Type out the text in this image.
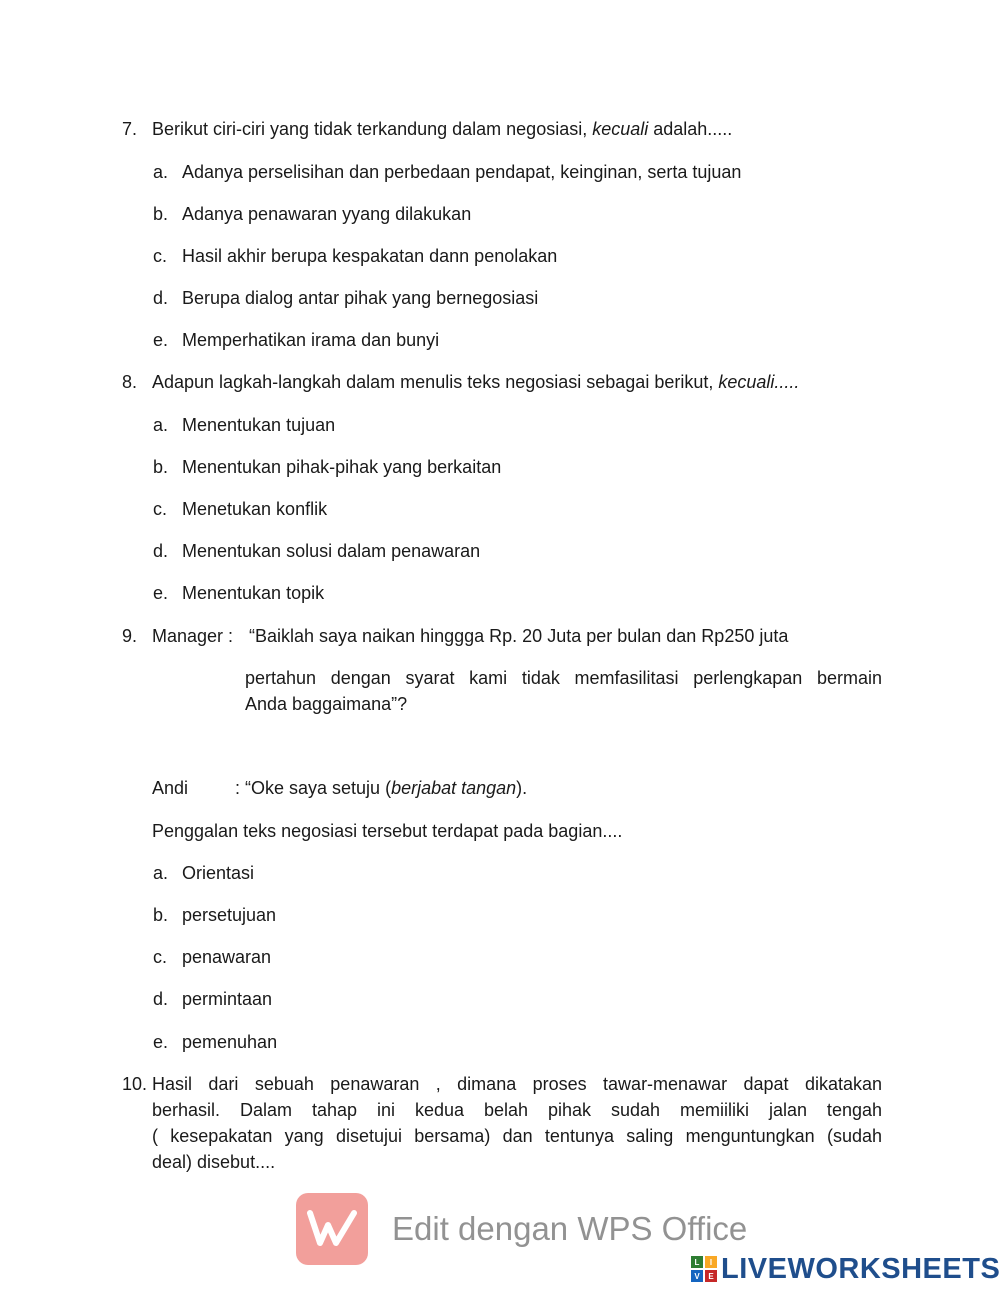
7. Berikut ciri-ciri yang tidak terkandung dalam negosiasi, kecuali adalah.....
a. Adanya perselisihan dan perbedaan pendapat, keinginan, serta tujuan
b. Adanya penawaran yyang dilakukan
c. Hasil akhir berupa kespakatan dann penolakan
d. Berupa dialog antar pihak yang bernegosiasi
e. Memperhatikan irama dan bunyi
8. Adapun lagkah-langkah dalam menulis teks negosiasi sebagai berikut, kecuali.....
a. Menentukan tujuan
b. Menentukan pihak-pihak yang berkaitan
c. Menetukan konflik
d. Menentukan solusi dalam penawaran
e. Menentukan topik
9. Manager : “Baiklah saya naikan hinggga Rp. 20 Juta per bulan dan Rp250 juta
pertahun dengan syarat kami tidak memfasilitasi perlengkapan bermain
Anda baggaimana”?
Andi	: “Oke saya setuju (berjabat tangan).
Penggalan teks negosiasi tersebut terdapat pada bagian....
a. Orientasi
b. persetujuan
c. penawaran
d. permintaan
e. pemenuhan
10. Hasil dari sebuah penawaran , dimana proses tawar-menawar dapat dikatakan
berhasil. Dalam tahap ini kedua belah pihak sudah memiiliki jalan tengah
( kesepakatan yang disetujui bersama) dan tentunya saling menguntungkan (sudah
deal) disebut....
Edit dengan WPS Office
L	I
V	E LIVEWORKSHEETS
